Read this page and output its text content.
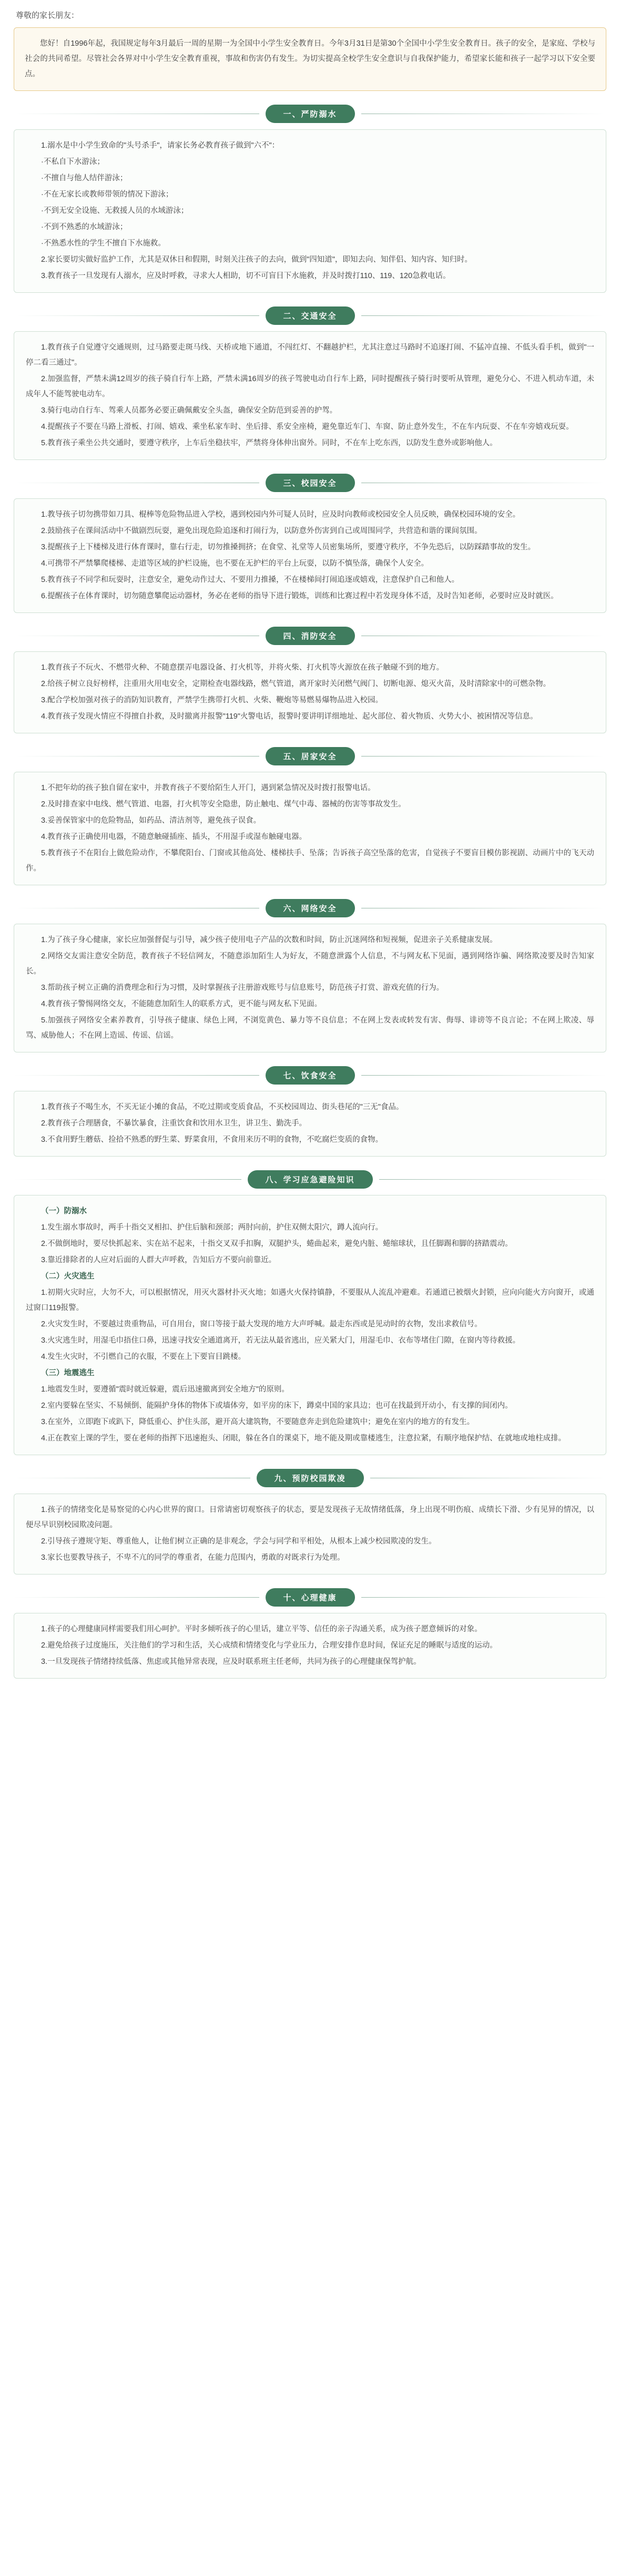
尊敬的家长朋友：

您好！自1996年起，我国规定每年3月最后一周的星期一为全国中小学生安全教育日。今年3月31日是第30个全国中小学生安全教育日。孩子的安全，是家庭、学校与社会的共同希望。尽管社会各界对中小学生安全教育重视，事故和伤害仍有发生。为切实提高全校学生安全意识与自我保护能力，希望家长能和孩子一起学习以下安全要点。

一、严防溺水

1.溺水是中小学生致命的"头号杀手"，请家长务必教育孩子做到"六不"：

·不私自下水游泳；

·不擅自与他人结伴游泳；

·不在无家长或教师带领的情况下游泳；

·不到无安全设施、无救援人员的水域游泳；

·不到不熟悉的水域游泳；

·不熟悉水性的学生不擅自下水施救。

2.家长要切实做好监护工作，尤其是双休日和假期，时刻关注孩子的去向，做到"四知道"，即知去向、知伴侣、知内容、知归时。

3.教育孩子一旦发现有人溺水，应及时呼救，寻求大人相助，切不可盲目下水施救，并及时拨打110、119、120急救电话。

二、交通安全

1.教育孩子自觉遵守交通规则，过马路要走斑马线、天桥或地下通道，不闯红灯、不翻越护栏，尤其注意过马路时不追逐打闹、不猛冲直撞、不低头看手机，做到"一停二看三通过"。

2.加强监督，严禁未满12周岁的孩子骑自行车上路，严禁未满16周岁的孩子驾驶电动自行车上路，同时提醒孩子骑行时要听从管理，避免分心、不进入机动车道，未成年人不能驾驶电动车。

3.骑行电动自行车、驾乘人员都务必要正确佩戴安全头盔，确保安全防范到妥善的护驾。

4.提醒孩子不要在马路上滑板、打闹、嬉戏、乘坐私家车时、坐后排、系安全座椅，避免靠近车门、车窗、防止意外发生，不在车内玩耍、不在车旁嬉戏玩耍。

5.教育孩子乘坐公共交通时，要遵守秩序，上车后坐稳扶牢，严禁将身体伸出窗外。同时，不在车上吃东西，以防发生意外或影响他人。

三、校园安全

1.教导孩子切勿携带如刀具、棍棒等危险物品进入学校，遇到校园内外可疑人员时，应及时向教师或校园安全人员反映，确保校园环境的安全。

2.鼓励孩子在课间活动中不做剧烈玩耍，避免出现危险追逐和打闹行为，以防意外伤害到自己或周围同学，共营造和谐的课间氛围。

3.提醒孩子上下楼梯及进行体育课时，靠右行走，切勿推搡拥挤；在食堂、礼堂等人员密集场所，要遵守秩序，不争先恐后，以防踩踏事故的发生。

4.可携带不严禁攀爬楼梯、走道等区域的护栏设施，也不要在无护栏的平台上玩耍，以防不慎坠落，确保个人安全。

5.教育孩子不同学和玩耍时，注意安全，避免动作过大、不要用力推搡，不在楼梯间打闹追逐或嬉戏，注意保护自己和他人。

6.提醒孩子在体育课时，切勿随意攀爬运动器材，务必在老师的指导下进行锻炼，训练和比赛过程中若发现身体不适，及时告知老师，必要时应及时就医。

四、消防安全

1.教育孩子不玩火、不燃带火种、不随意摆弄电器设备、打火机等，并将火柴、打火机等火源放在孩子触碰不到的地方。

2.给孩子树立良好榜样，注重用火用电安全，定期检查电器线路，燃气管道，离开家时关闭燃气阀门、切断电源、熄灭火苗，及时清除家中的可燃杂物。

3.配合学校加强对孩子的消防知识教育，严禁学生携带打火机、火柴、鞭炮等易燃易爆物品进入校园。

4.教育孩子发现火情应不得擅自扑救，及时撤离并报警"119"火警电话，报警时要讲明详细地址、起火部位、着火物质、火势大小、被困情况等信息。

五、居家安全

1.不把年幼的孩子独自留在家中，并教育孩子不要给陌生人开门，遇到紧急情况及时拨打报警电话。

2.及时排查家中电线、燃气管道、电器，打火机等安全隐患，防止触电、煤气中毒、器械的伤害等事故发生。

3.妥善保管家中的危险物品，如药品、清洁剂等，避免孩子误食。

4.教育孩子正确使用电器，不随意触碰插座、插头，不用湿手或湿布触碰电器。

5.教育孩子不在阳台上做危险动作，不攀爬阳台、门窗或其他高处、楼梯扶手、坠落；告诉孩子高空坠落的危害，自觉孩子不要盲目模仿影视剧、动画片中的飞天动作。

六、网络安全

1.为了孩子身心健康，家长应加强督促与引导，减少孩子使用电子产品的次数和时间，防止沉迷网络和短视频，促进亲子关系健康发展。

2.网络交友需注意安全防范，教育孩子不轻信网友，不随意添加陌生人为好友，不随意泄露个人信息，不与网友私下见面，遇到网络诈骗、网络欺凌要及时告知家长。

3.帮助孩子树立正确的消费理念和行为习惯，及时掌握孩子注册游戏账号与信息账号，防范孩子打赏、游戏充值的行为。

4.教育孩子警惕网络交友，不能随意加陌生人的联系方式，更不能与网友私下见面。

5.加强孩子网络安全素养教育，引导孩子健康、绿色上网，不浏览黄色、暴力等不良信息；不在网上发表或转发有害、侮辱、诽谤等不良言论；不在网上欺凌、辱骂、威胁他人；不在网上造谣、传谣、信谣。

七、饮食安全

1.教育孩子不喝生水，不买无证小摊的食品，不吃过期或变质食品，不买校园周边、街头巷尾的"三无"食品。

2.教育孩子合理膳食，不暴饮暴食，注重饮食和饮用水卫生，讲卫生、勤洗手。

3.不食用野生蘑菇、捡拾不熟悉的野生菜、野菜食用，不食用来历不明的食物，不吃腐烂变质的食物。

八、学习应急避险知识

（一）防溺水

1.发生溺水事故时，两手十指交叉相扣、护住后脑和颈部；两肘向前，护住双侧太阳穴，蹲人流向行。

2.不做倒地时，要尽快抓起来、实在站不起来，十指交叉双手扣胸，双腿护头，蜷曲起来，避免内脏、蜷缩球状，且任脚踢和脚的挤踏震动。

3.靠近排除者的人应对后面的人群大声呼救，告知后方不要向前靠近。

（二）火灾逃生

1.初期火灾时应，大勿不大，可以根据情况，用灭火器材扑灭火地；如遇火火保持镇静，不要服从人流乱冲避难。若通道已被烟火封锁，应向向能火方向窗开，或通过窗口119报警。

2.火灾发生时，不要越过贵重物品，可自用台，窗口等接于最大发现的地方大声呼喊。最走东西或是见动时的衣物，发出求救信号。

3.火灾逃生时，用湿毛巾捂住口鼻，迅速寻找安全通道离开，若无法从最省逃出，应关紧大门，用湿毛巾、衣布等堵住门隙，在窗内等待救援。

4.发生火灾时，不引燃自己的衣服，不要在上下要盲目跳楼。

（三）地震逃生

1.地震发生时，要遵循"震时就近躲避，震后迅速撤离到安全地方"的原则。

2.室内要躲在坚实、不易倾倒、能隔护身体的物体下或墙体旁，如平房的床下，蹲桌中国的家具边；也可在找最到开动小，有支撑的间闭内。

3.在室外，立即跑下或趴下，降低重心、护住头部，避开高大建筑物，不要随意奔走到危险建筑中；避免在室内的地方的有发生。

4.正在教室上课的学生，要在老师的指挥下迅速抱头、闭眼，躲在各自的课桌下，地不能及期或靠楼逃生，注意拉紧，有顺序地保护结、在就地或地柱成排。

九、预防校园欺凌

1.孩子的情绪变化是易察觉的心内心世界的窗口。日常请密切观察孩子的状态，要是发现孩子无故情绪低落，身上出现不明伤痕、成绩长下滑、少有见异的情况，以便尽早识别校园欺凌问题。

2.引导孩子遵规守矩、尊重他人，让他们树立正确的是非观念，学会与同学和平相处，从根本上减少校园欺凌的发生。

3.家长也要教导孩子，不卑不亢的同学的尊重者，在能力范围内，勇敢的对既求行为处理。

十、心理健康

1.孩子的心理健康同样需要我们用心呵护。平时多倾听孩子的心里话，建立平等、信任的亲子沟通关系，成为孩子愿意倾诉的对象。

2.避免给孩子过度施压，关注他们的学习和生活，关心成绩和情绪变化与学业压力，合理安排作息时间，保证充足的睡眠与适度的运动。

3.一旦发现孩子情绪持续低落、焦虑或其他异常表现，应及时联系班主任老师，共同为孩子的心理健康保驾护航。
